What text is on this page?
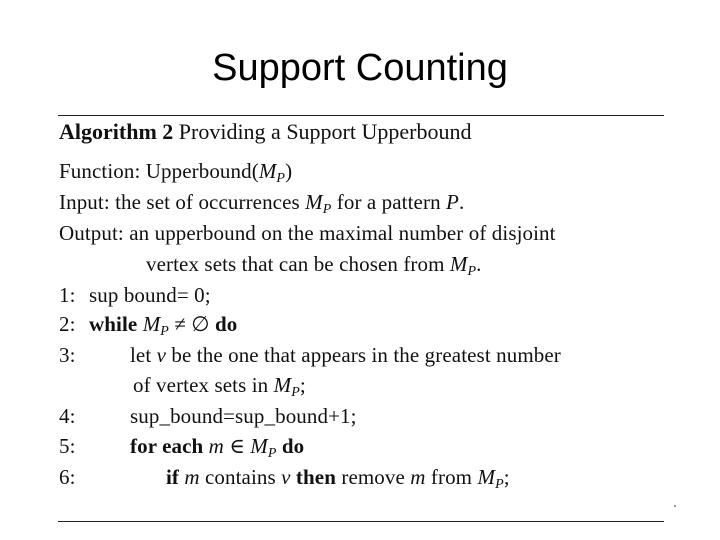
Support Counting
Algorithm 2 Providing a Support Upperbound
Function: $Upperbound(M_P)$
Input: the set of occurrences $M_P$ for a pattern P.
Output: an upperbound on the maximal number of disjoint
vertex sets that can be chosen from $M_P$.
1: sup bound= 0;
2: while $M_P$ ≠ ∅ do
3:	let v be the one that appears in the greatest number
of vertex sets in $M_P$;
4:	sup_bound=sup_bound+1;
5:	for each m ∈ $M_P$ do
6:	if m contains v then remove m from $M_P$;
